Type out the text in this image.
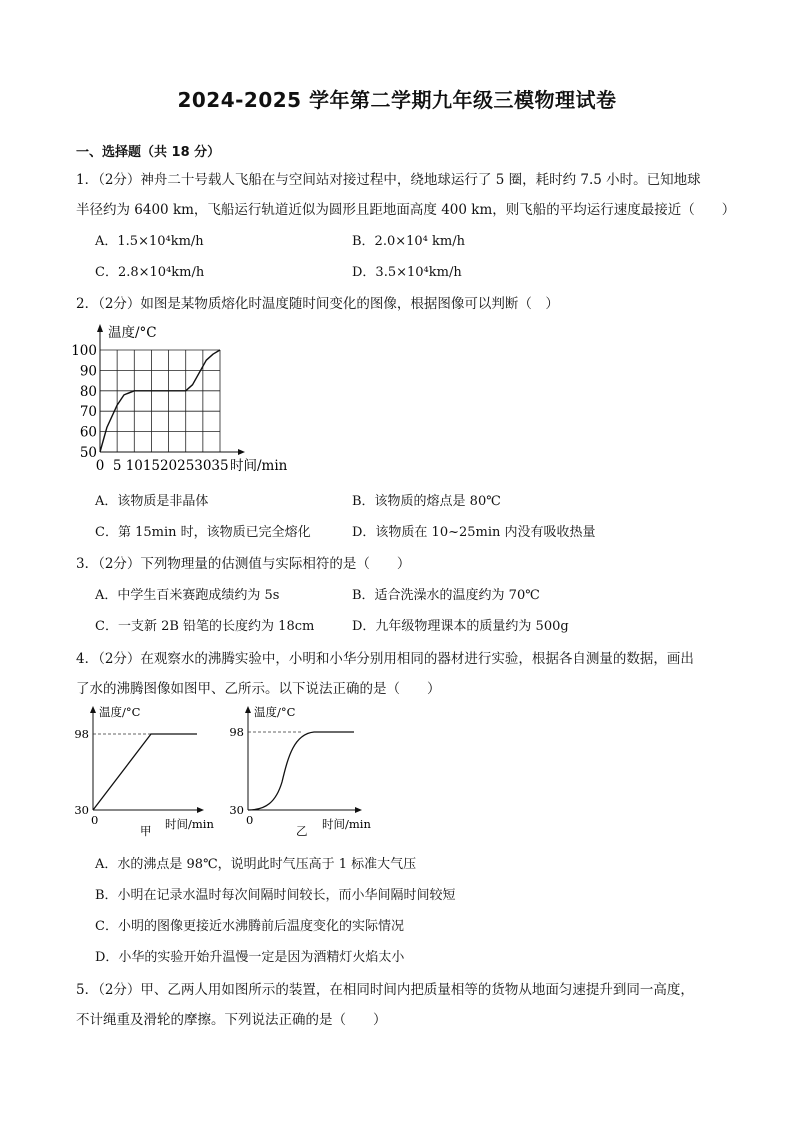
2024-2025 学年第二学期九年级三模物理试卷
一、选择题（共 18 分）
1．（2分）神舟二十号载人飞船在与空间站对接过程中，绕地球运行了 5 圈，耗时约 7.5 小时。已知地球
半径约为 6400 km，飞船运行轨道近似为圆形且距地面高度 400 km，则飞船的平均运行速度最接近（　　）
A．1.5×10⁴km/h	B．2.0×10⁴ km/h
C．2.8×10⁴km/h	D．3.5×10⁴km/h
2．（2分）如图是某物质熔化时温度随时间变化的图像，根据图像可以判断（　）
50
60
70
80
90
100
0 5 10 15 20 25 30 35
温度/°C
时间/min
A．该物质是非晶体	B．该物质的熔点是 80℃
C．第 15min 时，该物质已完全熔化	D．该物质在 10~25min 内没有吸收热量
3．（2分）下列物理量的估测值与实际相符的是（　　）
A．中学生百米赛跑成绩约为 5s	B．适合洗澡水的温度约为 70℃
C．一支新 2B 铅笔的长度约为 18cm	D．九年级物理课本的质量约为 500g
4．（2分）在观察水的沸腾实验中，小明和小华分别用相同的器材进行实验，根据各自测量的数据，画出
了水的沸腾图像如图甲、乙所示。以下说法正确的是（　　）
温度/°C
98
30
0	时间/min
甲
温度/°C
98
30
0	时间/min
乙
A．水的沸点是 98℃，说明此时气压高于 1 标准大气压
B．小明在记录水温时每次间隔时间较长，而小华间隔时间较短
C．小明的图像更接近水沸腾前后温度变化的实际情况
D．小华的实验开始升温慢一定是因为酒精灯火焰太小
5．（2分）甲、乙两人用如图所示的装置，在相同时间内把质量相等的货物从地面匀速提升到同一高度，
不计绳重及滑轮的摩擦。下列说法正确的是（　　）
